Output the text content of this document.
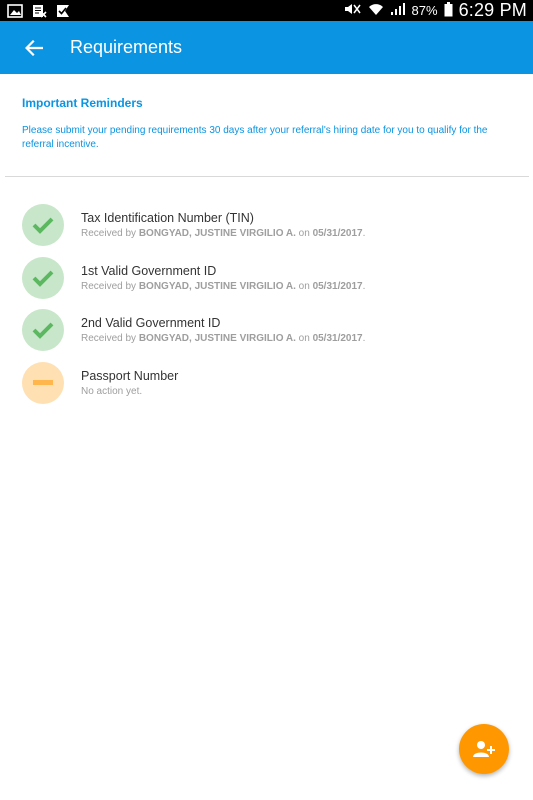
87% 6:29 PM
Requirements
Important Reminders
Please submit your pending requirements 30 days after your referral's hiring date for you to qualify for the referral incentive.
Tax Identification Number (TIN)
Received by BONGYAD, JUSTINE VIRGILIO A. on 05/31/2017.
1st Valid Government ID
Received by BONGYAD, JUSTINE VIRGILIO A. on 05/31/2017.
2nd Valid Government ID
Received by BONGYAD, JUSTINE VIRGILIO A. on 05/31/2017.
Passport Number
No action yet.
